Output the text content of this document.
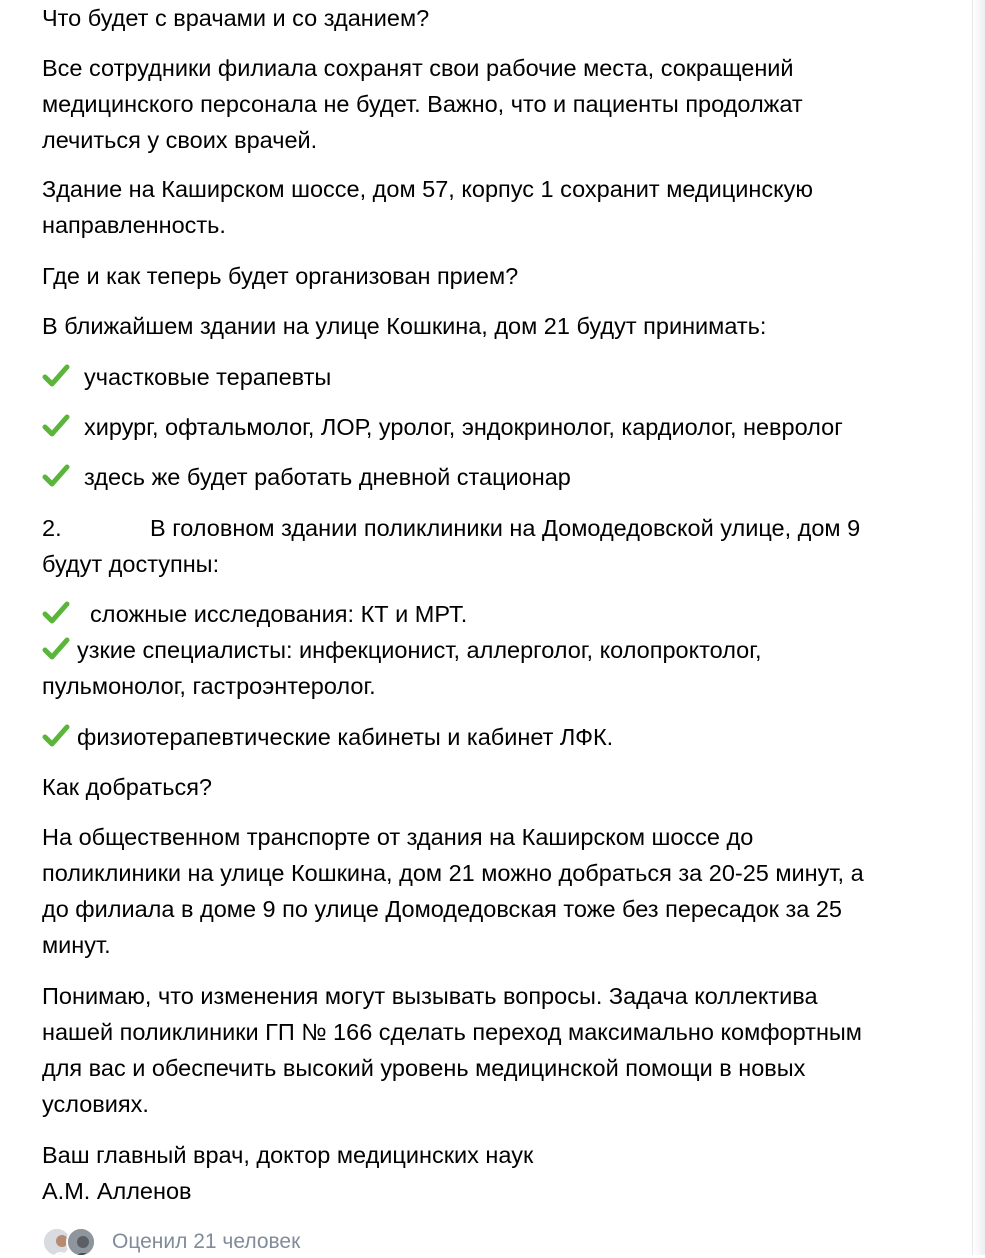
Что будет с врачами и со зданием?
Все сотрудники филиала сохранят свои рабочие места, сокращений
медицинского персонала не будет. Важно, что и пациенты продолжат
лечиться у своих врачей.
Здание на Каширском шоссе, дом 57, корпус 1 сохранит медицинскую
направленность.
Где и как теперь будет организован прием?
В ближайшем здании на улице Кошкина, дом 21 будут принимать:
участковые терапевты
хирург, офтальмолог, ЛОР, уролог, эндокринолог, кардиолог, невролог
здесь же будет работать дневной стационар
2.	В головном здании поликлиники на Домодедовской улице, дом 9
будут доступны:
сложные исследования: КТ и МРТ.
узкие специалисты: инфекционист, аллерголог, колопроктолог,
пульмонолог, гастроэнтеролог.
физиотерапевтические кабинеты и кабинет ЛФК.
Как добраться?
На общественном транспорте от здания на Каширском шоссе до
поликлиники на улице Кошкина, дом 21 можно добраться за 20-25 минут, а
до филиала в доме 9 по улице Домодедовская тоже без пересадок за 25
минут.
Понимаю, что изменения могут вызывать вопросы. Задача коллектива
нашей поликлиники ГП № 166 сделать переход максимально комфортным
для вас и обеспечить высокий уровень медицинской помощи в новых
условиях.
Ваш главный врач, доктор медицинских наук
А.М. Алленов
Оценил 21 человек
